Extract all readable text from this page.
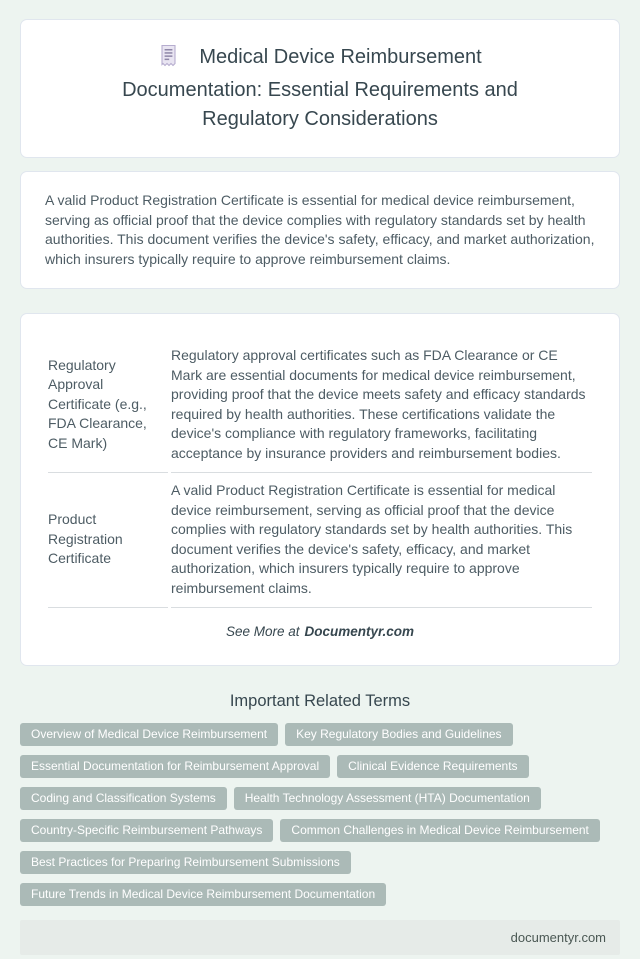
Medical Device Reimbursement
Documentation: Essential Requirements and
Regulatory Considerations

A valid Product Registration Certificate is essential for medical device reimbursement, serving as official proof that the device complies with regulatory standards set by health authorities. This document verifies the device's safety, efficacy, and market authorization, which insurers typically require to approve reimbursement claims.

Regulatory Approval Certificate (e.g., FDA Clearance, CE Mark)	Regulatory approval certificates such as FDA Clearance or CE Mark are essential documents for medical device reimbursement, providing proof that the device meets safety and efficacy standards required by health authorities. These certifications validate the device's compliance with regulatory frameworks, facilitating acceptance by insurance providers and reimbursement bodies.
Product Registration Certificate	A valid Product Registration Certificate is essential for medical device reimbursement, serving as official proof that the device complies with regulatory standards set by health authorities. This document verifies the device's safety, efficacy, and market authorization, which insurers typically require to approve reimbursement claims.

See More at Documentyr.com

Important Related Terms
Overview of Medical Device Reimbursement Key Regulatory Bodies and Guidelines
Essential Documentation for Reimbursement Approval Clinical Evidence Requirements
Coding and Classification Systems Health Technology Assessment (HTA) Documentation
Country-Specific Reimbursement Pathways Common Challenges in Medical Device Reimbursement
Best Practices for Preparing Reimbursement Submissions
Future Trends in Medical Device Reimbursement Documentation
documentyr.com
